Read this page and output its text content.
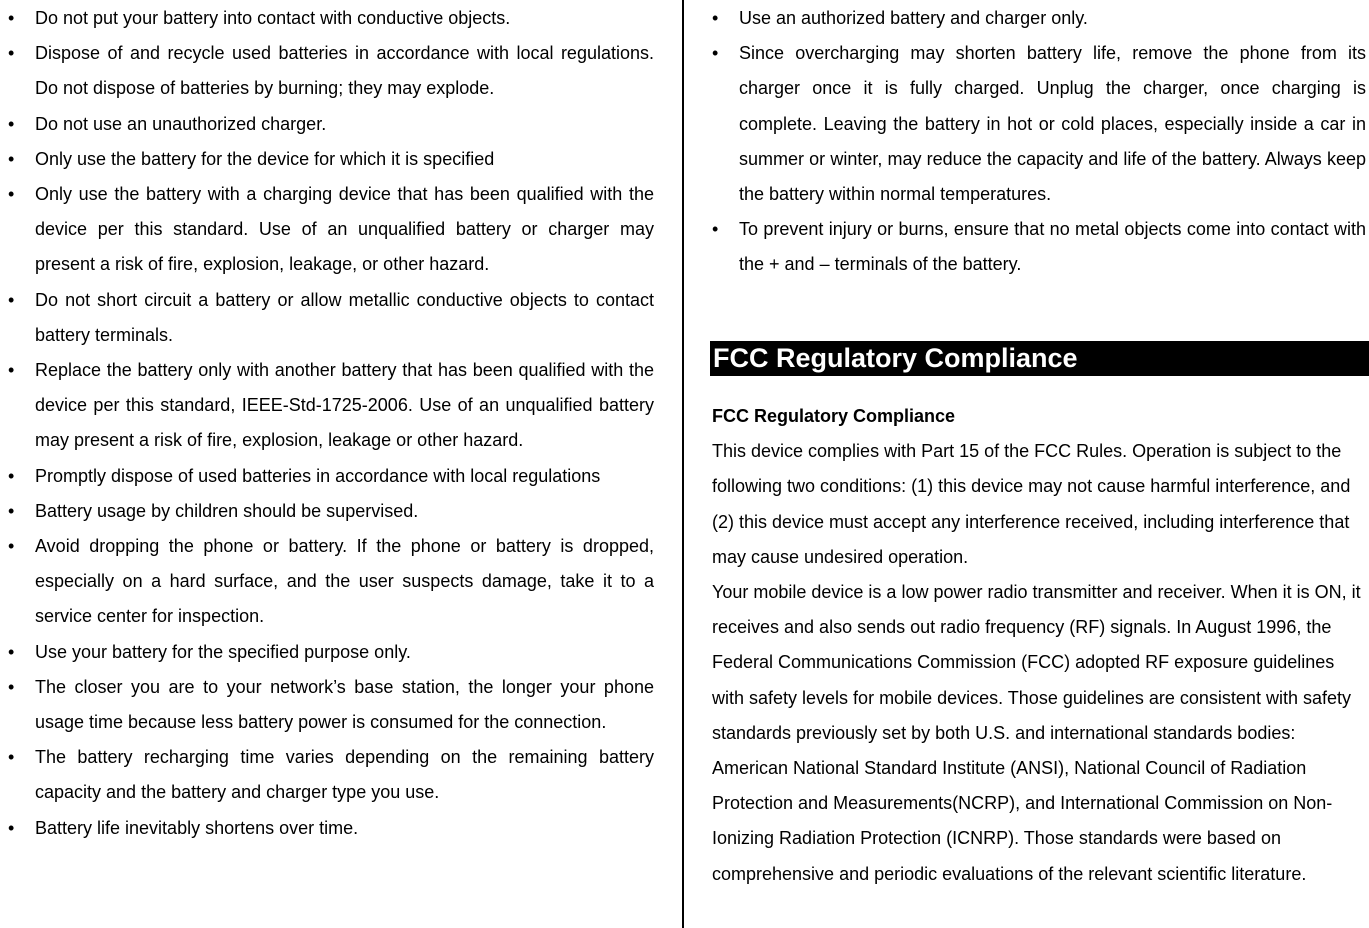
•	Do not put your battery into contact with conductive objects.
•	Dispose of and recycle used batteries in accordance with local regulations. Do not dispose of batteries by burning; they may explode.
•	Do not use an unauthorized charger.
•	Only use the battery for the device for which it is specified
•	Only use the battery with a charging device that has been qualified with the device per this standard. Use of an unqualified battery or charger may present a risk of fire, explosion, leakage, or other hazard.
•	Do not short circuit a battery or allow metallic conductive objects to contact battery terminals.
•	Replace the battery only with another battery that has been qualified with the device per this standard, IEEE-Std-1725-2006. Use of an unqualified battery may present a risk of fire, explosion, leakage or other hazard.
•	Promptly dispose of used batteries in accordance with local regulations
•	Battery usage by children should be supervised.
•	Avoid dropping the phone or battery. If the phone or battery is dropped, especially on a hard surface, and the user suspects damage, take it to a service center for inspection.
•	Use your battery for the specified purpose only.
•	The closer you are to your network’s base station, the longer your phone usage time because less battery power is consumed for the connection.
•	The battery recharging time varies depending on the remaining battery capacity and the battery and charger type you use.
•	Battery life inevitably shortens over time.
•	Use an authorized battery and charger only.
•	Since overcharging may shorten battery life, remove the phone from its charger once it is fully charged. Unplug the charger, once charging is complete. Leaving the battery in hot or cold places, especially inside a car in summer or winter, may reduce the capacity and life of the battery. Always keep the battery within normal temperatures.
•	To prevent injury or burns, ensure that no metal objects come into contact with the + and – terminals of the battery.
FCC Regulatory Compliance

FCC Regulatory Compliance

This device complies with Part 15 of the FCC Rules. Operation is subject to the following two conditions: (1) this device may not cause harmful interference, and (2) this device must accept any interference received, including interference that may cause undesired operation.

Your mobile device is a low power radio transmitter and receiver. When it is ON, it receives and also sends out radio frequency (RF) signals. In August 1996, the Federal Communications Commission (FCC) adopted RF exposure guidelines with safety levels for mobile devices. Those guidelines are consistent with safety standards previously set by both U.S. and international standards bodies: American National Standard Institute (ANSI), National Council of Radiation Protection and Measurements(NCRP), and International Commission on Non-Ionizing Radiation Protection (ICNRP). Those standards were based on comprehensive and periodic evaluations of the relevant scientific literature.
